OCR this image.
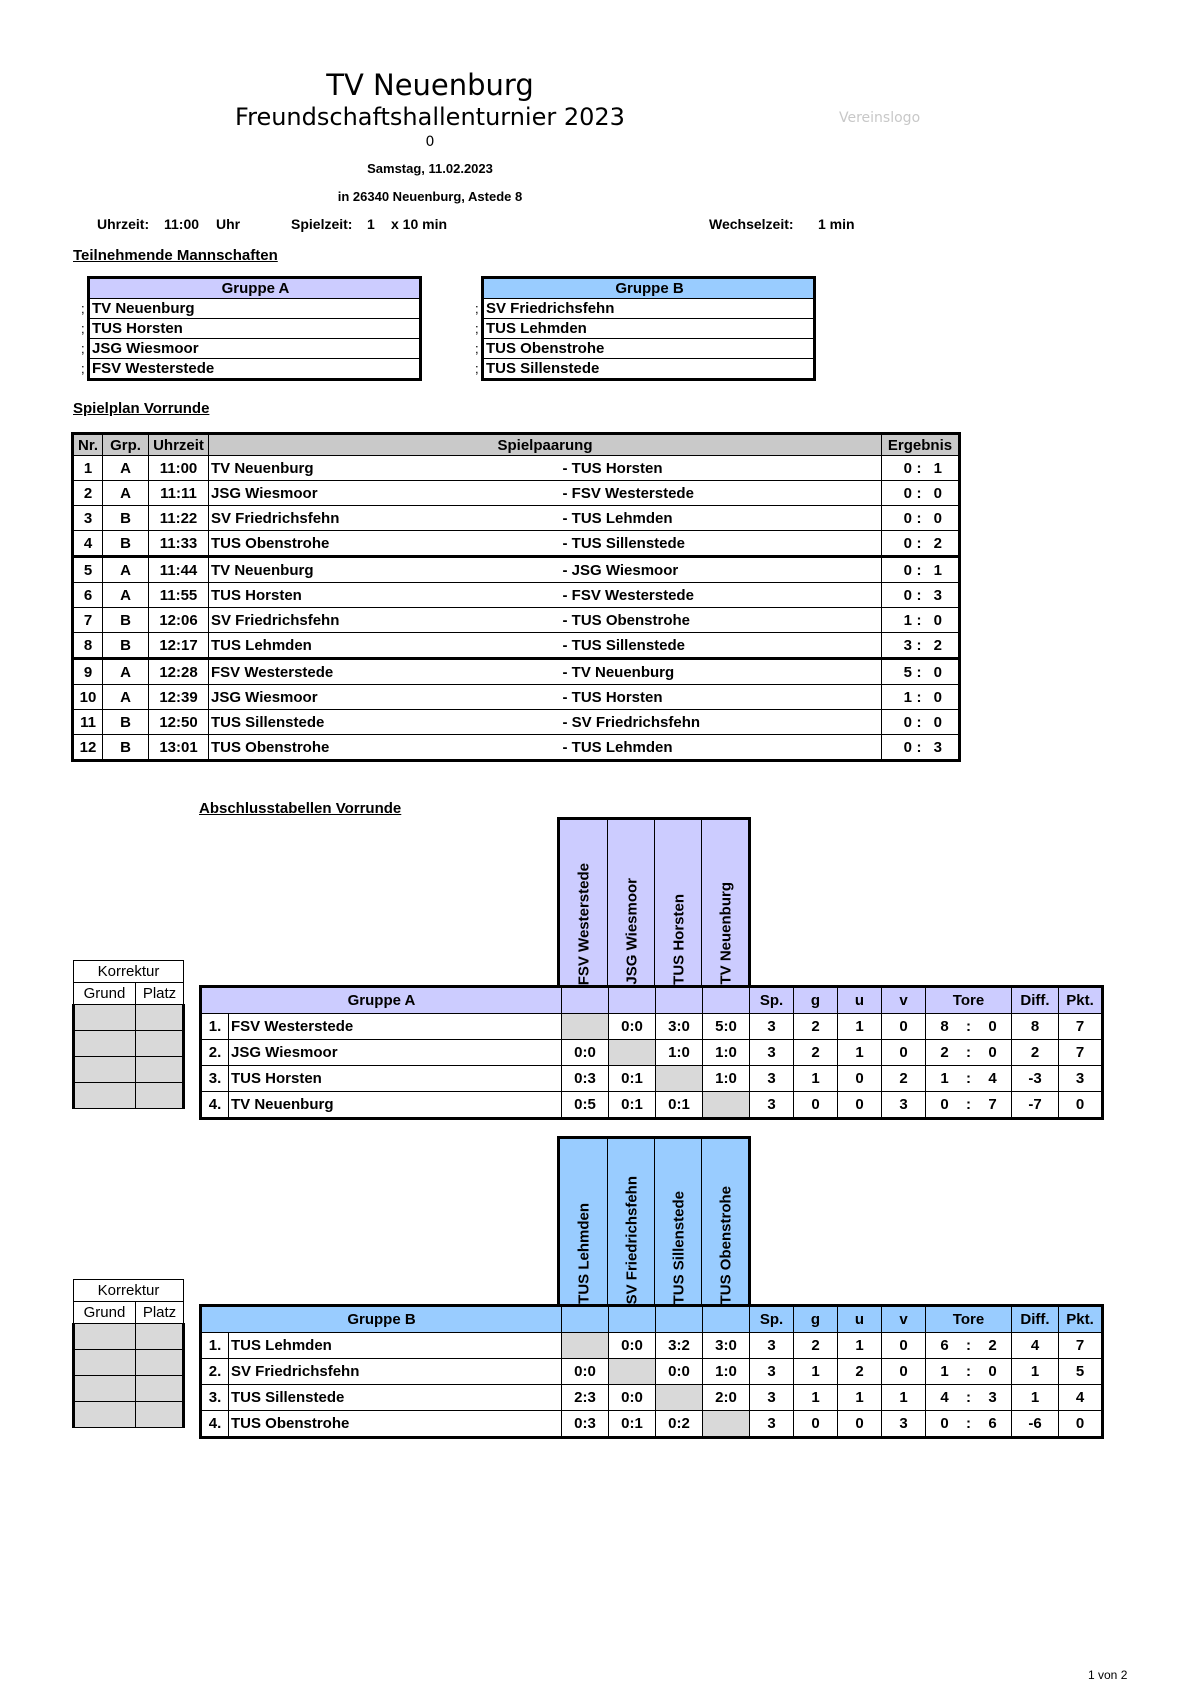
TV Neuenburg
Freundschaftshallenturnier 2023
0
Samstag, 11.02.2023
in 26340 Neuenburg, Astede 8
Vereinslogo
Uhrzeit: 11:00 Uhr	Spielzeit: 1 x 10 min	Wechselzeit: 1 min
Teilnehmende Mannschaften
Gruppe A
TV Neuenburg
TUS Horsten
JSG Wiesmoor
FSV Westerstede
;
;
;
;
Gruppe B
SV Friedrichsfehn
TUS Lehmden
TUS Obenstrohe
TUS Sillenstede
;
;
;
;
Spielplan Vorrunde
Nr.	Grp.	Uhrzeit	Spielpaarung		Ergebnis
1	A	11:00	TV Neuenburg	- TUS Horsten	0 : 1
2	A	11:11	JSG Wiesmoor	- FSV Westerstede	0 : 0
3	B	11:22	SV Friedrichsfehn	- TUS Lehmden	0 : 0
4	B	11:33	TUS Obenstrohe	- TUS Sillenstede	0 : 2
5	A	11:44	TV Neuenburg	- JSG Wiesmoor	0 : 1
6	A	11:55	TUS Horsten	- FSV Westerstede	0 : 3
7	B	12:06	SV Friedrichsfehn	- TUS Obenstrohe	1 : 0
8	B	12:17	TUS Lehmden	- TUS Sillenstede	3 : 2
9	A	12:28	FSV Westerstede	- TV Neuenburg	5 : 0
10	A	12:39	JSG Wiesmoor	- TUS Horsten	1 : 0
11	B	12:50	TUS Sillenstede	- SV Friedrichsfehn	0 : 0
12	B	13:01	TUS Obenstrohe	- TUS Lehmden	0 : 3
Abschlusstabellen Vorrunde
FSV Westerstede JSG Wiesmoor TUS Horsten TV Neuenburg
Gruppe A						Sp.	g	u	v	Tore	Diff.	Pkt.
1.	FSV Westerstede		0:0	3:0	5:0	3	2	1	0	8 : 0	8	7
2.	JSG Wiesmoor	0:0		1:0	1:0	3	2	1	0	2 : 0	2	7
3.	TUS Horsten	0:3	0:1		1:0	3	1	0	2	1 : 4	-3	3
4.	TV Neuenburg	0:5	0:1	0:1		3	0	0	3	0 : 7	-7	0
Korrektur	
Grund	Platz

TUS Lehmden SV Friedrichsfehn TUS Sillenstede TUS Obenstrohe
Gruppe B						Sp.	g	u	v	Tore	Diff.	Pkt.
1.	TUS Lehmden		0:0	3:2	3:0	3	2	1	0	6 : 2	4	7
2.	SV Friedrichsfehn	0:0		0:0	1:0	3	1	2	0	1 : 0	1	5
3.	TUS Sillenstede	2:3	0:0		2:0	3	1	1	1	4 : 3	1	4
4.	TUS Obenstrohe	0:3	0:1	0:2		3	0	0	3	0 : 6	-6	0
Korrektur	
Grund	Platz

1 von 2
